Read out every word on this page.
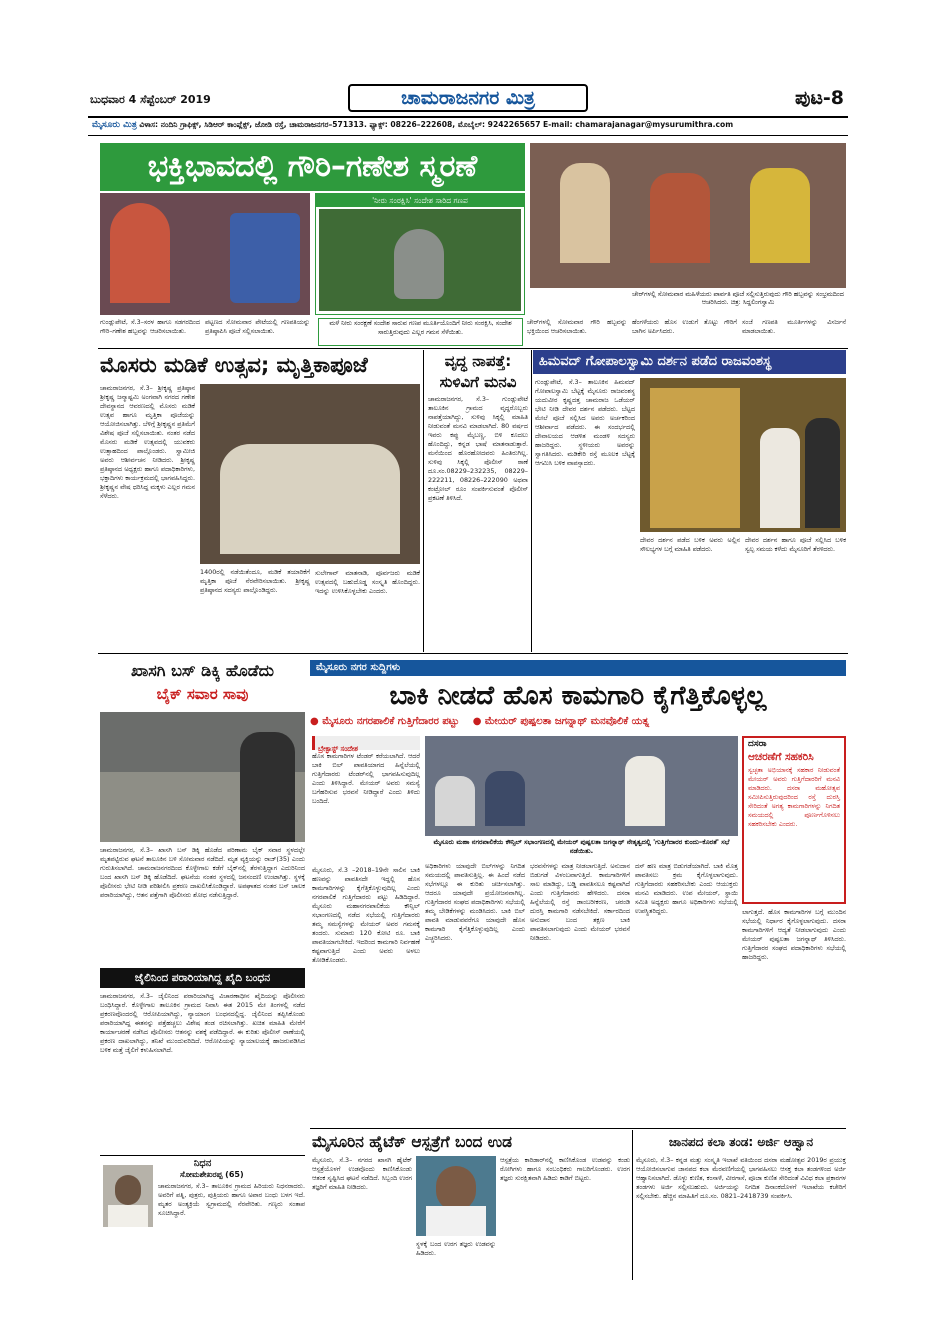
ಬುಧವಾರ 4 ಸೆಪ್ಟೆಂಬರ್ 2019	ಚಾಮರಾಜನಗರ ಮಿತ್ರ	ಪುಟ-8
ಮೈಸೂರು ಮಿತ್ರ ವಿಳಾಸ: ನಂದಿನಿ ಗ್ರಾಫಿಕ್ಸ್, ಸಿಡಿಆರ್ ಕಾಂಪ್ಲೆಕ್ಸ್, ಜೋಡಿ ರಸ್ತೆ, ಚಾಮರಾಜನಗರ–571313. ಫ್ಯಾಕ್ಸ್: 08226–222608, ಮೊಬೈಲ್: 9242265657 E-mail: chamarajanagar@mysurumithra.com
ಭಕ್ತಿಭಾವದಲ್ಲಿ ಗೌರಿ–ಗಣೇಶ ಸ್ಮರಣೆ
'ನೀರು ಸಂರಕ್ಷಿಸಿ' ಸಂದೇಶ ಸಾರಿದ ಗಣಪ
ಚೇರ್‌ಗಳಲ್ಲಿ ಸೋಮವಾರ ಮಹಿಳೆಯರು ಪಾರ್ವತಿ ಪೂಜೆ ಸಲ್ಲಿಸುತ್ತಿರುವುದು ಗೌರಿ ಹಬ್ಬವನ್ನು ಸಂಭ್ರಮದಿಂದ ಆಚರಿಸಿದರು. ಚಿತ್ರ: ಸಿದ್ದಲಿಂಗಸ್ವಾಮಿ
ಮಳೆ ನೀರು ಸಂರಕ್ಷಣೆ ಸಂದೇಶ ಸಾರುವ ಗಣಪ ಮೂರ್ತಿಯೊಂದಿಗೆ ನೀರು ಸಂರಕ್ಷಿಸಿ, ಸಂದೇಶ ಸಾರುತ್ತಿರುವುದು ಎಲ್ಲರ ಗಮನ ಸೆಳೆಯಿತು.
ಗುಂಡ್ಲುಪೇಟೆ, ಸೆ.3–ಸರಳ ಹಾಗೂ ಸಡಗರದಿಂದ ಗೌರಿ–ಗಣೇಶ ಹಬ್ಬವನ್ನು ಆಚರಿಸಲಾಯಿತು.
ಪಟ್ಟಣದ ಸೋಮವಾರ ಪೇಟೆಯಲ್ಲಿ ಗಣಪತಿಯನ್ನು ಪ್ರತಿಷ್ಠಾಪಿಸಿ ಪೂಜೆ ಸಲ್ಲಿಸಲಾಯಿತು.
ಚೇರ್‌ಗಳಲ್ಲಿ ಸೋಮವಾರ ಗೌರಿ ಹಬ್ಬವನ್ನು ಭಕ್ತಿಯಿಂದ ಆಚರಿಸಲಾಯಿತು.
ಹೆಂಗಳೆಯರು ಹೊಸ ಉಡುಗೆ ತೊಟ್ಟು ಗೌರಿಗೆ ಬಾಗಿನ ಅರ್ಪಿಸಿದರು.
ಸಂಜೆ ಗಣಪತಿ ಮೂರ್ತಿಗಳನ್ನು ವಿಸರ್ಜನೆ ಮಾಡಲಾಯಿತು.
ಮೊಸರು ಮಡಿಕೆ ಉತ್ಸವ; ಮೃತ್ತಿಕಾಪೂಜೆ
ಚಾಮರಾಜನಗರ, ಸೆ.3– ಶ್ರೀಕೃಷ್ಣ ಪ್ರತಿಷ್ಠಾನ ಶ್ರೀಕೃಷ್ಣ ಜನ್ಮಾಷ್ಟಮಿ ಅಂಗವಾಗಿ ನಗರದ ಗಣೇಶ ದೇವಸ್ಥಾನದ ಆವರಣದಲ್ಲಿ ಮೊಸರು ಮಡಿಕೆ ಉತ್ಸವ ಹಾಗೂ ಮೃತ್ತಿಕಾ ಪೂಜೆಯನ್ನು ಆಯೋಜಿಸಲಾಗಿತ್ತು. ಬೆಳಿಗ್ಗೆ ಶ್ರೀಕೃಷ್ಣನ ಪ್ರತಿಮೆಗೆ ವಿಶೇಷ ಪೂಜೆ ಸಲ್ಲಿಸಲಾಯಿತು. ನಂತರ ನಡೆದ ಮೊಸರು ಮಡಿಕೆ ಉತ್ಸವದಲ್ಲಿ ಯುವಕರು ಉತ್ಸಾಹದಿಂದ ಪಾಲ್ಗೊಂಡರು. ಸ್ವಾಮೀಜಿ ಅವರು ಆಶೀರ್ವಚನ ನೀಡಿದರು. ಶ್ರೀಕೃಷ್ಣ ಪ್ರತಿಷ್ಠಾನದ ಅಧ್ಯಕ್ಷರು ಹಾಗೂ ಪದಾಧಿಕಾರಿಗಳು, ಭಕ್ತಾದಿಗಳು ಕಾರ್ಯಕ್ರಮದಲ್ಲಿ ಭಾಗವಹಿಸಿದ್ದರು. ಶ್ರೀಕೃಷ್ಣನ ವೇಷ ಧರಿಸಿದ್ದ ಮಕ್ಕಳು ಎಲ್ಲರ ಗಮನ ಸೆಳೆದರು.
1400ರಲ್ಲಿ ನಡೆಯಿತೆಂದೂ, ಮಡಿಕೆ ತಯಾರಿಕೆಗೆ ಮೃತ್ತಿಕಾ ಪೂಜೆ ನೆರವೇರಿಸಲಾಯಿತು. ಶ್ರೀಕೃಷ್ಣ ಪ್ರತಿಷ್ಠಾನದ ಸದಸ್ಯರು ಪಾಲ್ಗೊಂಡಿದ್ದರು.
ಸುಲೇಗಾವ್ ಮಾತನಾಡಿ, ಪೂರ್ವಜರು ಮಡಿಕೆ ಉತ್ಸವದಲ್ಲಿ ಬಹುದೊಡ್ಡ ಸಂಸ್ಕೃತಿ ಹೊಂದಿದ್ದರು. ಇದನ್ನು ಉಳಿಸಿಕೊಳ್ಳಬೇಕು ಎಂದರು.
ವೃದ್ಧ ನಾಪತ್ತೆ:
ಸುಳಿವಿಗೆ ಮನವಿ
ಚಾಮರಾಜನಗರ, ಸೆ.3– ಗುಂಡ್ಲುಪೇಟೆ ತಾಲೂಕಿನ ಗ್ರಾಮದ ವೃದ್ಧರೊಬ್ಬರು ನಾಪತ್ತೆಯಾಗಿದ್ದು, ಸುಳಿವು ಸಿಕ್ಕಲ್ಲಿ ಮಾಹಿತಿ ನೀಡುವಂತೆ ಮನವಿ ಮಾಡಲಾಗಿದೆ. 80 ವರ್ಷದ ಇವರು ಕಪ್ಪು ಮೈಬಣ್ಣ, ಬಿಳಿ ಕೂದಲು ಹೊಂದಿದ್ದು, ಕನ್ನಡ ಭಾಷೆ ಮಾತನಾಡುತ್ತಾರೆ. ಮನೆಯಿಂದ ಹೊರಹೋದವರು ಹಿಂತಿರುಗಿಲ್ಲ. ಸುಳಿವು ಸಿಕ್ಕಲ್ಲಿ ಪೊಲೀಸ್ ಠಾಣೆ ದೂ.ಸಂ.08229–232235, 08229–222211, 08226–222090 ಅಥವಾ ಕಂಟ್ರೋಲ್ ರೂಂ ಸಂಪರ್ಕಿಸುವಂತೆ ಪೊಲೀಸ್ ಪ್ರಕಟಣೆ ತಿಳಿಸಿದೆ.
ಹಿಮವದ್ ಗೋಪಾಲಸ್ವಾಮಿ ದರ್ಶನ ಪಡೆದ ರಾಜವಂಶಸ್ಥ
ಗುಂಡ್ಲುಪೇಟೆ, ಸೆ.3– ತಾಲೂಕಿನ ಹಿಮವದ್ ಗೋಪಾಲಸ್ವಾಮಿ ಬೆಟ್ಟಕ್ಕೆ ಮೈಸೂರು ರಾಜವಂಶಸ್ಥ ಯದುವೀರ ಕೃಷ್ಣದತ್ತ ಚಾಮರಾಜ ಒಡೆಯರ್ ಭೇಟಿ ನೀಡಿ ದೇವರ ದರ್ಶನ ಪಡೆದರು. ಬೆಟ್ಟದ ಮೇಲೆ ಪೂಜೆ ಸಲ್ಲಿಸಿದ ಅವರು ಅರ್ಚಕರಿಂದ ಆಶೀರ್ವಾದ ಪಡೆದರು. ಈ ಸಂದರ್ಭದಲ್ಲಿ ದೇವಾಲಯದ ಆಡಳಿತ ಮಂಡಳಿ ಸದಸ್ಯರು ಹಾಜರಿದ್ದರು. ಸ್ಥಳೀಯರು ಅವರನ್ನು ಸ್ವಾಗತಿಸಿದರು. ಮಡಿಕೇರಿ ರಸ್ತೆ ಮೂಲಕ ಬೆಟ್ಟಕ್ಕೆ ಆಗಮಿಸಿ ಬಳಿಕ ವಾಪಸ್ಸಾದರು.
ದೇವರ ದರ್ಶನ ಪಡೆದ ಬಳಿಕ ಅವರು ಅಲ್ಲಿನ ಸೌಲಭ್ಯಗಳ ಬಗ್ಗೆ ಮಾಹಿತಿ ಪಡೆದರು.
ದೇವರ ದರ್ಶನ ಹಾಗೂ ಪೂಜೆ ಸಲ್ಲಿಸಿದ ಬಳಿಕ ಸ್ವಲ್ಪ ಸಮಯ ಕಳೆದು ಮೈಸೂರಿಗೆ ತೆರಳಿದರು.
ಖಾಸಗಿ ಬಸ್ ಡಿಕ್ಕಿ ಹೊಡೆದು
ಬೈಕ್ ಸವಾರ ಸಾವು
ಚಾಮರಾಜನಗರ, ಸೆ.3– ಖಾಸಗಿ ಬಸ್ ಡಿಕ್ಕಿ ಹೊಡೆದ ಪರಿಣಾಮ ಬೈಕ್ ಸವಾರ ಸ್ಥಳದಲ್ಲೇ ಮೃತಪಟ್ಟಿರುವ ಘಟನೆ ತಾಲೂಕಿನ ಬಳಿ ಸೋಮವಾರ ನಡೆದಿದೆ. ಮೃತ ವ್ಯಕ್ತಿಯನ್ನು ರಾಜ್(35) ಎಂದು ಗುರುತಿಸಲಾಗಿದೆ. ಚಾಮರಾಜನಗರದಿಂದ ಕೊಳ್ಳೇಗಾಲ ಕಡೆಗೆ ಬೈಕ್‌ನಲ್ಲಿ ತೆರಳುತ್ತಿದ್ದಾಗ ಎದುರಿನಿಂದ ಬಂದ ಖಾಸಗಿ ಬಸ್ ಡಿಕ್ಕಿ ಹೊಡೆದಿದೆ. ಘಟನೆಯ ನಂತರ ಸ್ಥಳದಲ್ಲಿ ಜನಸಂದಣಿ ಉಂಟಾಗಿತ್ತು. ಸ್ಥಳಕ್ಕೆ ಪೊಲೀಸರು ಭೇಟಿ ನೀಡಿ ಪರಿಶೀಲಿಸಿ ಪ್ರಕರಣ ದಾಖಲಿಸಿಕೊಂಡಿದ್ದಾರೆ. ಅಪಘಾತದ ನಂತರ ಬಸ್ ಚಾಲಕ ಪರಾರಿಯಾಗಿದ್ದು, ಆತನ ಪತ್ತೆಗಾಗಿ ಪೊಲೀಸರು ಶೋಧ ನಡೆಸುತ್ತಿದ್ದಾರೆ.
ಜೈಲಿನಿಂದ ಪರಾರಿಯಾಗಿದ್ದ ಖೈದಿ ಬಂಧನ
ಚಾಮರಾಜನಗರ, ಸೆ.3– ಜೈಲಿನಿಂದ ಪರಾರಿಯಾಗಿದ್ದ ವಿಚಾರಣಾಧೀನ ಖೈದಿಯನ್ನು ಪೊಲೀಸರು ಬಂಧಿಸಿದ್ದಾರೆ. ಕೊಳ್ಳೇಗಾಲ ತಾಲೂಕಿನ ಗ್ರಾಮದ ನಿವಾಸಿ ಈತ 2015 ಮೇ ತಿಂಗಳಲ್ಲಿ ನಡೆದ ಪ್ರಕರಣವೊಂದರಲ್ಲಿ ಆರೋಪಿಯಾಗಿದ್ದು, ನ್ಯಾಯಾಂಗ ಬಂಧನದಲ್ಲಿದ್ದ. ಜೈಲಿನಿಂದ ತಪ್ಪಿಸಿಕೊಂಡು ಪರಾರಿಯಾಗಿದ್ದ ಈತನನ್ನು ಪತ್ತೆಹಚ್ಚಲು ವಿಶೇಷ ತಂಡ ರಚಿಸಲಾಗಿತ್ತು. ಖಚಿತ ಮಾಹಿತಿ ಮೇರೆಗೆ ಕಾರ್ಯಾಚರಣೆ ನಡೆಸಿದ ಪೊಲೀಸರು ಆತನನ್ನು ವಶಕ್ಕೆ ಪಡೆದಿದ್ದಾರೆ. ಈ ಕುರಿತು ಪೊಲೀಸ್ ಠಾಣೆಯಲ್ಲಿ ಪ್ರಕರಣ ದಾಖಲಾಗಿದ್ದು, ತನಿಖೆ ಮುಂದುವರಿದಿದೆ. ಆರೋಪಿಯನ್ನು ನ್ಯಾಯಾಲಯಕ್ಕೆ ಹಾಜರುಪಡಿಸಿದ ಬಳಿಕ ಮತ್ತೆ ಜೈಲಿಗೆ ಕಳುಹಿಸಲಾಗಿದೆ.
ನಿಧನ
ಸೋಮಶೇಖರಪ್ಪ (65)
ಚಾಮರಾಜನಗರ, ಸೆ.3– ತಾಲೂಕಿನ ಗ್ರಾಮದ ಹಿರಿಯರು ನಿಧನರಾದರು. ಅವರಿಗೆ ಪತ್ನಿ, ಪುತ್ರರು, ಪುತ್ರಿಯರು ಹಾಗೂ ಅಪಾರ ಬಂಧು ಬಳಗ ಇದೆ. ಮೃತರ ಅಂತ್ಯಕ್ರಿಯೆ ಸ್ವಗ್ರಾಮದಲ್ಲಿ ನೆರವೇರಿತು. ಗಣ್ಯರು ಸಂತಾಪ ಸೂಚಿಸಿದ್ದಾರೆ.
ಮೈಸೂರು ನಗರ ಸುದ್ದಿಗಳು
ಬಾಕಿ ನೀಡದೆ ಹೊಸ ಕಾಮಗಾರಿ ಕೈಗೆತ್ತಿಕೊಳ್ಳಲ್ಲ
● ಮೈಸೂರು ನಗರಪಾಲಿಕೆ ಗುತ್ತಿಗೆದಾರರ ಪಟ್ಟು ● ಮೇಯರ್ ಪುಷ್ಪಲತಾ ಜಗನ್ನಾಥ್ ಮನವೊಲಿಕೆ ಯತ್ನ
ಬ್ರೇಕ್ಫಾಸ್ಟ್ ಸಂದೇಶ
ಹೊಸ ಕಾಮಗಾರಿಗಳ ಟೆಂಡರ್ ಕರೆಯಲಾಗಿದೆ. ಆದರೆ ಬಾಕಿ ಬಿಲ್ ಪಾವತಿಯಾಗದ ಹಿನ್ನೆಲೆಯಲ್ಲಿ ಗುತ್ತಿಗೆದಾರರು ಟೆಂಡರ್‌ನಲ್ಲಿ ಭಾಗವಹಿಸುವುದಿಲ್ಲ ಎಂದು ತಿಳಿಸಿದ್ದಾರೆ. ಮೇಯರ್ ಅವರು ಸಮಸ್ಯೆ ಬಗೆಹರಿಸುವ ಭರವಸೆ ನೀಡಿದ್ದಾರೆ ಎಂದು ತಿಳಿದು ಬಂದಿದೆ.
ಮೈಸೂರು ಮಹಾ ನಗರಪಾಲಿಕೆಯ ಕೌನ್ಸಿಲ್ ಸಭಾಂಗಣದಲ್ಲಿ ಮೇಯರ್ ಪುಷ್ಪಲತಾ ಜಗನ್ನಾಥ್ ನೇತೃತ್ವದಲ್ಲಿ 'ಗುತ್ತಿಗೆದಾರರ ಕುಂದು–ಕೊರತೆ' ಸಭೆ ನಡೆಯಿತು.
ದಸರಾ
ಆಚರಣೆಗೆ ಸಹಕರಿಸಿ
ಸ್ವಚ್ಛತಾ ಅಭಿಯಾನಕ್ಕೆ ಸಹಕಾರ ನೀಡುವಂತೆ ಮೇಯರ್ ಅವರು ಗುತ್ತಿಗೆದಾರರಿಗೆ ಮನವಿ ಮಾಡಿದರು. ದಸರಾ ಮಹೋತ್ಸವ ಸಮೀಪಿಸುತ್ತಿರುವುದರಿಂದ ರಸ್ತೆ ದುರಸ್ತಿ ಸೇರಿದಂತೆ ಅಗತ್ಯ ಕಾಮಗಾರಿಗಳನ್ನು ನಿಗದಿತ ಸಮಯದಲ್ಲಿ ಪೂರ್ಣಗೊಳಿಸಲು ಸಹಕರಿಸಬೇಕು ಎಂದರು.
ಮೈಸೂರು, ಸೆ.3 –2018–19ನೇ ಸಾಲಿನ ಬಾಕಿ ಹಣವನ್ನು ಪಾವತಿಸದೇ ಇದ್ದಲ್ಲಿ ಹೊಸ ಕಾಮಗಾರಿಗಳನ್ನು ಕೈಗೆತ್ತಿಕೊಳ್ಳುವುದಿಲ್ಲ ಎಂದು ನಗರಪಾಲಿಕೆ ಗುತ್ತಿಗೆದಾರರು ಪಟ್ಟು ಹಿಡಿದಿದ್ದಾರೆ. ಮೈಸೂರು ಮಹಾನಗರಪಾಲಿಕೆಯ ಕೌನ್ಸಿಲ್ ಸಭಾಂಗಣದಲ್ಲಿ ನಡೆದ ಸಭೆಯಲ್ಲಿ ಗುತ್ತಿಗೆದಾರರು ತಮ್ಮ ಸಮಸ್ಯೆಗಳನ್ನು ಮೇಯರ್ ಅವರ ಗಮನಕ್ಕೆ ತಂದರು. ಸುಮಾರು 120 ಕೋಟಿ ರೂ. ಬಾಕಿ ಪಾವತಿಯಾಗಬೇಕಿದೆ. ಇದರಿಂದ ಕಾಮಗಾರಿ ನಿರ್ವಹಣೆ ಕಷ್ಟವಾಗುತ್ತಿದೆ ಎಂದು ಅವರು ಅಳಲು ತೋಡಿಕೊಂಡರು.
ಅಧಿಕಾರಿಗಳು ಯಾವುದೇ ಬಿಲ್‌ಗಳನ್ನು ನಿಗದಿತ ಸಮಯದಲ್ಲಿ ಪಾವತಿಸುತ್ತಿಲ್ಲ. ಈ ಹಿಂದೆ ನಡೆದ ಸಭೆಗಳಲ್ಲೂ ಈ ಕುರಿತು ಚರ್ಚಿಸಲಾಗಿತ್ತು. ಆದರೂ ಯಾವುದೇ ಪ್ರಯೋಜನವಾಗಿಲ್ಲ. ಗುತ್ತಿಗೆದಾರರ ಸಂಘದ ಪದಾಧಿಕಾರಿಗಳು ಸಭೆಯಲ್ಲಿ ತಮ್ಮ ಬೇಡಿಕೆಗಳನ್ನು ಮಂಡಿಸಿದರು. ಬಾಕಿ ಬಿಲ್ ಪಾವತಿ ಮಾಡುವವರೆಗೂ ಯಾವುದೇ ಹೊಸ ಕಾಮಗಾರಿ ಕೈಗೆತ್ತಿಕೊಳ್ಳುವುದಿಲ್ಲ ಎಂದು ಎಚ್ಚರಿಸಿದರು.
ಭರವಸೆಗಳನ್ನು ಮಾತ್ರ ನೀಡಲಾಗುತ್ತಿದೆ. ಅನುದಾನ ಬಿಡುಗಡೆ ವಿಳಂಬವಾಗುತ್ತಿದೆ. ಕಾಮಗಾರಿಗಳಿಗೆ ಸಾಲ ಮಾಡಿದ್ದು, ಬಡ್ಡಿ ಪಾವತಿಸಲೂ ಕಷ್ಟವಾಗಿದೆ ಎಂದು ಗುತ್ತಿಗೆದಾರರು ಹೇಳಿದರು. ದಸರಾ ಹಿನ್ನೆಲೆಯಲ್ಲಿ ರಸ್ತೆ ಡಾಂಬರೀಕರಣ, ಚರಂಡಿ ದುರಸ್ತಿ ಕಾಮಗಾರಿ ನಡೆಸಬೇಕಿದೆ. ಸರ್ಕಾರದಿಂದ ಅನುದಾನ ಬಂದ ತಕ್ಷಣ ಬಾಕಿ ಪಾವತಿಸಲಾಗುವುದು ಎಂದು ಮೇಯರ್ ಭರವಸೆ ನೀಡಿದರು.
ದಸ್ ಹಣ ಮಾತ್ರ ಬಿಡುಗಡೆಯಾಗಿದೆ. ಬಾಕಿ ಮೊತ್ತ ಪಾವತಿಸಲು ಕ್ರಮ ಕೈಗೊಳ್ಳಲಾಗುವುದು. ಗುತ್ತಿಗೆದಾರರು ಸಹಕರಿಸಬೇಕು ಎಂದು ಆಯುಕ್ತರು ಮನವಿ ಮಾಡಿದರು. ಉಪ ಮೇಯರ್, ಸ್ಥಾಯಿ ಸಮಿತಿ ಅಧ್ಯಕ್ಷರು ಹಾಗೂ ಅಧಿಕಾರಿಗಳು ಸಭೆಯಲ್ಲಿ ಉಪಸ್ಥಿತರಿದ್ದರು.	ಲಾಗುತ್ತದೆ. ಹೊಸ ಕಾಮಗಾರಿಗಳ ಬಗ್ಗೆ ಮುಂದಿನ ಸಭೆಯಲ್ಲಿ ನಿರ್ಧಾರ ಕೈಗೊಳ್ಳಲಾಗುವುದು. ದಸರಾ ಕಾಮಗಾರಿಗಳಿಗೆ ಆದ್ಯತೆ ನೀಡಲಾಗುವುದು ಎಂದು ಮೇಯರ್ ಪುಷ್ಪಲತಾ ಜಗನ್ನಾಥ್ ತಿಳಿಸಿದರು. ಗುತ್ತಿಗೆದಾರರ ಸಂಘದ ಪದಾಧಿಕಾರಿಗಳು ಸಭೆಯಲ್ಲಿ ಹಾಜರಿದ್ದರು.
ಮೈಸೂರಿನ ಹೈಟೆಕ್ ಆಸ್ಪತ್ರೆಗೆ ಬಂದ ಉಡ
ಮೈಸೂರು, ಸೆ.3– ನಗರದ ಖಾಸಗಿ ಹೈಟೆಕ್ ಆಸ್ಪತ್ರೆಯೊಳಗೆ ಉಡವೊಂದು ಕಾಣಿಸಿಕೊಂಡು ಆತಂಕ ಸೃಷ್ಟಿಸಿದ ಘಟನೆ ನಡೆದಿದೆ. ಸಿಬ್ಬಂದಿ ಉರಗ ತಜ್ಞರಿಗೆ ಮಾಹಿತಿ ನೀಡಿದರು.
ಸ್ಥಳಕ್ಕೆ ಬಂದ ಉರಗ ತಜ್ಞರು ಉಡವನ್ನು ಹಿಡಿದರು.
ಆಸ್ಪತ್ರೆಯ ಕಾರಿಡಾರ್‌ನಲ್ಲಿ ಕಾಣಿಸಿಕೊಂಡ ಉಡವನ್ನು ಕಂಡು ರೋಗಿಗಳು ಹಾಗೂ ಸಂಬಂಧಿಕರು ಗಾಬರಿಗೊಂಡರು. ಉರಗ ತಜ್ಞರು ಸುರಕ್ಷಿತವಾಗಿ ಹಿಡಿದು ಕಾಡಿಗೆ ಬಿಟ್ಟರು.
ಜಾನಪದ ಕಲಾ ತಂಡ: ಅರ್ಜಿ ಆಹ್ವಾನ
ಮೈಸೂರು, ಸೆ.3– ಕನ್ನಡ ಮತ್ತು ಸಂಸ್ಕೃತಿ ಇಲಾಖೆ ವತಿಯಿಂದ ದಸರಾ ಮಹೋತ್ಸವ 2019ರ ಪ್ರಯುಕ್ತ ಆಯೋಜಿಸಲಾಗುವ ಜಾನಪದ ಕಲಾ ಮೆರವಣಿಗೆಯಲ್ಲಿ ಭಾಗವಹಿಸಲು ಆಸಕ್ತ ಕಲಾ ತಂಡಗಳಿಂದ ಅರ್ಜಿ ಆಹ್ವಾನಿಸಲಾಗಿದೆ. ಡೊಳ್ಳು ಕುಣಿತ, ಕಂಸಾಳೆ, ವೀರಗಾಸೆ, ಪೂಜಾ ಕುಣಿತ ಸೇರಿದಂತೆ ವಿವಿಧ ಕಲಾ ಪ್ರಕಾರಗಳ ತಂಡಗಳು ಅರ್ಜಿ ಸಲ್ಲಿಸಬಹುದು. ಅರ್ಜಿಯನ್ನು ನಿಗದಿತ ದಿನಾಂಕದೊಳಗೆ ಇಲಾಖೆಯ ಕಚೇರಿಗೆ ಸಲ್ಲಿಸಬೇಕು. ಹೆಚ್ಚಿನ ಮಾಹಿತಿಗೆ ದೂ.ಸಂ. 0821–2418739 ಸಂಪರ್ಕಿಸಿ.
